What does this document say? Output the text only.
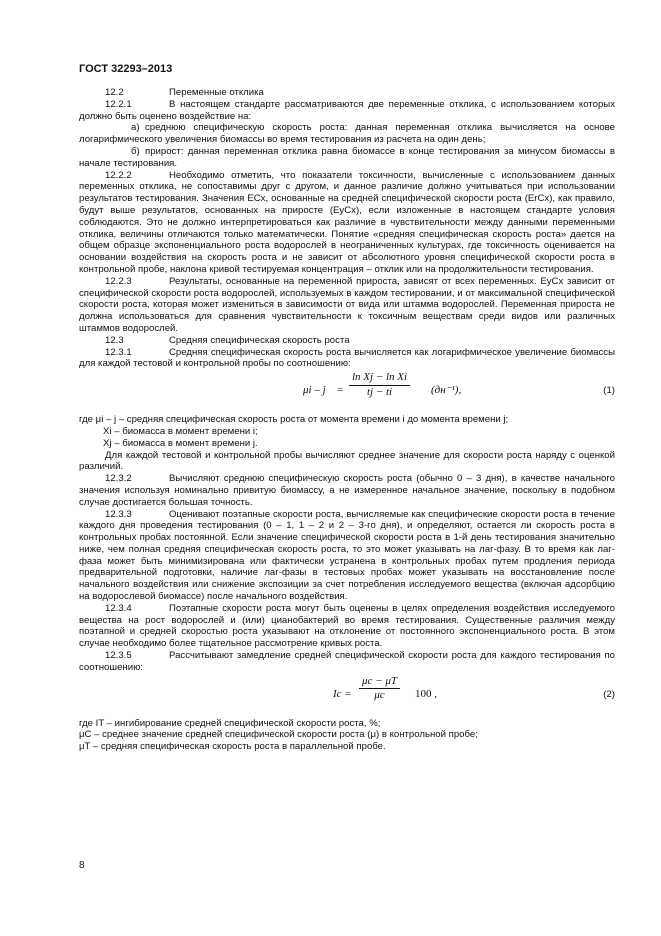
ГОСТ 32293–2013

12.2	Переменные отклика

12.2.1	В настоящем стандарте рассматриваются две переменные отклика, с использованием которых должно быть оценено воздействие на:

а) среднюю специфическую скорость роста: данная переменная отклика вычисляется на основе логарифмического увеличения биомассы во время тестирования из расчета на один день;

б) прирост: данная переменная отклика равна биомассе в конце тестирования за минусом биомассы в начале тестирования.

12.2.2	Необходимо отметить, что показатели токсичности, вычисленные с использованием данных переменных отклика, не сопоставимы друг с другом, и данное различие должно учитываться при использовании результатов тестирования. Значения ECx, основанные на средней специфической скорости роста (ErCx), как правило, будут выше результатов, основанных на приросте (EyCx), если изложенные в настоящем стандарте условия соблюдаются. Это не должно интерпретироваться как различие в чувствительности между данными переменными отклика, величины отличаются только математически. Понятие «средняя специфическая скорость роста» дается на общем образце экспоненциального роста водорослей в неограниченных культурах, где токсичность оценивается на основании воздействия на скорость роста и не зависит от абсолютного уровня специфической скорости роста в контрольной пробе, наклона кривой тестируемая концентрация – отклик или на продолжительности тестирования.

12.2.3	Результаты, основанные на переменной прироста, зависят от всех переменных. EyCx зависит от специфической скорости роста водорослей, используемых в каждом тестировании, и от максимальной специфической скорости роста, которая может измениться в зависимости от вида или штамма водорослей. Переменная прироста не должна использоваться для сравнения чувствительности к токсичным веществам среди видов или различных штаммов водорослей.

12.3	Средняя специфическая скорость роста

12.3.1	Средняя специфическая скорость роста вычисляется как логарифмическое увеличение биомассы для каждой тестовой и контрольной пробы по соотношению:

$\mu i - j = \frac{\text{ln Xj − ln Xi}}{tj - ti} (дн^{-1})$,	(1)

где μi – j – средняя специфическая скорость роста от момента времени i до момента времени j;

Xi – биомасса в момент времени i;

Xj – биомасса в момент времени j.

Для каждой тестовой и контрольной пробы вычисляют среднее значение для скорости роста наряду с оценкой различий.

12.3.2	Вычисляют среднюю специфическую скорость роста (обычно 0 – 3 дня), в качестве начального значения используя номинально привитую биомассу, а не измеренное начальное значение, поскольку в подобном случае достигается большая точность.

12.3.3	Оценивают поэтапные скорости роста, вычисляемые как специфические скорости роста в течение каждого дня проведения тестирования (0 – 1, 1 – 2 и 2 – 3-го дня), и определяют, остается ли скорость роста в контрольных пробах постоянной. Если значение специфической скорости роста в 1-й день тестирования значительно ниже, чем полная средняя специфическая скорость роста, то это может указывать на лаг-фазу. В то время как лаг-фаза может быть минимизирована или фактически устранена в контрольных пробах путем продления периода предварительной подготовки, наличие лаг-фазы в тестовых пробах может указывать на восстановление после начального воздействия или снижение экспозиции за счет потребления исследуемого вещества (включая адсорбцию на водорослевой биомассе) после начального воздействия.

12.3.4	Поэтапные скорости роста могут быть оценены в целях определения воздействия исследуемого вещества на рост водорослей и (или) цианобактерий во время тестирования. Существенные различия между поэтапной и средней скоростью роста указывают на отклонение от постоянного экспоненциального роста. В этом случае необходимо более тщательное рассмотрение кривых роста.

12.3.5	Рассчитывают замедление средней специфической скорости роста для каждого тестирования по соотношению:

$Ic = \frac{\mu c - \mu T}{\mu c} 100$ ,	(2)

где IT – ингибирование средней специфической скорости роста, %;

μC – среднее значение средней специфической скорости роста (μ) в контрольной пробе;

μT – средняя специфическая скорость роста в параллельной пробе.

8
